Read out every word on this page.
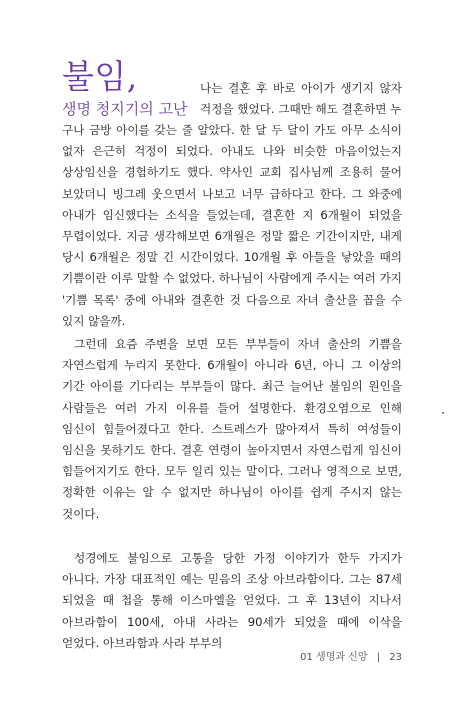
불임,
생명 청지기의 고난
나는 결혼 후 바로 아이가 생기지 않자 걱정을 했었다. 그때만 해도 결혼하면 누
구나 금방 아이를 갖는 줄 알았다. 한 달 두 달이 가도 아무 소식이 없자 은근히 걱정이 되었다. 아내도 나와 비슷한 마음이었는지 상상임신을 경험하기도 했다. 약사인 교회 집사님께 조용히 물어 보았더니 빙그레 웃으면서 나보고 너무 급하다고 한다. 그 와중에 아내가 임신했다는 소식을 들었는데, 결혼한 지 6개월이 되었을 무렵이었다. 지금 생각해보면 6개월은 정말 짧은 기간이지만, 내게 당시 6개월은 정말 긴 시간이었다. 10개월 후 아들을 낳았을 때의 기쁨이란 이루 말할 수 없었다. 하나님이 사람에게 주시는 여러 가지 '기쁨 목록' 중에 아내와 결혼한 것 다음으로 자녀 출산을 꼽을 수 있지 않을까.
그런데 요즘 주변을 보면 모든 부부들이 자녀 출산의 기쁨을 자연스럽게 누리지 못한다. 6개월이 아니라 6년, 아니 그 이상의 기간 아이를 기다리는 부부들이 많다. 최근 늘어난 불임의 원인을 사람들은 여러 가지 이유를 들어 설명한다. 환경오염으로 인해 임신이 힘들어졌다고 한다. 스트레스가 많아져서 특히 여성들이 임신을 못하기도 한다. 결혼 연령이 높아지면서 자연스럽게 임신이 힘들어지기도 한다. 모두 일리 있는 말이다. 그러나 영적으로 보면, 정확한 이유는 알 수 없지만 하나님이 아이를 쉽게 주시지 않는 것이다.
성경에도 불임으로 고통을 당한 가정 이야기가 한두 가지가 아니다. 가장 대표적인 예는 믿음의 조상 아브라함이다. 그는 87세 되었을 때 첩을 통해 이스마엘을 얻었다. 그 후 13년이 지나서 아브라함이 100세, 아내 사라는 90세가 되었을 때에 이삭을 얻었다. 아브라함과 사라 부부의
01 생명과 신앙 | 23
